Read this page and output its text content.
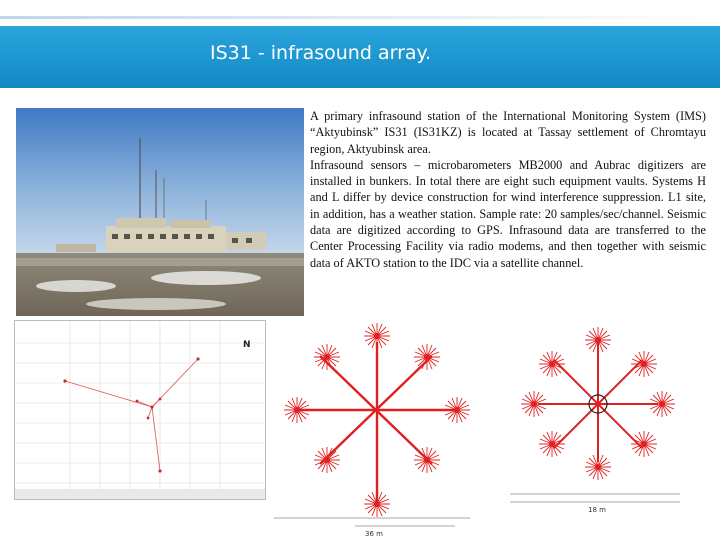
IS31 - infrasound array.

A primary infrasound station of the International Monitoring System (IMS) “Aktyubinsk” IS31 (IS31KZ) is located at Tassay settlement of Chromtayu region, Aktyubinsk area.

Infrasound sensors – microbarometers MB2000 and Aubrac digitizers are installed in bunkers. In total there are eight such equipment vaults. Systems H and L differ by device construction for wind interference suppression. L1 site, in addition, has a weather station. Sample rate: 20 samples/sec/channel. Seismic data are digitized according to GPS. Infrasound data are transferred to the Center Processing Facility via radio modems, and then together with seismic data of AKTO station to the IDC via a satellite channel.

N
36 m
18 m
